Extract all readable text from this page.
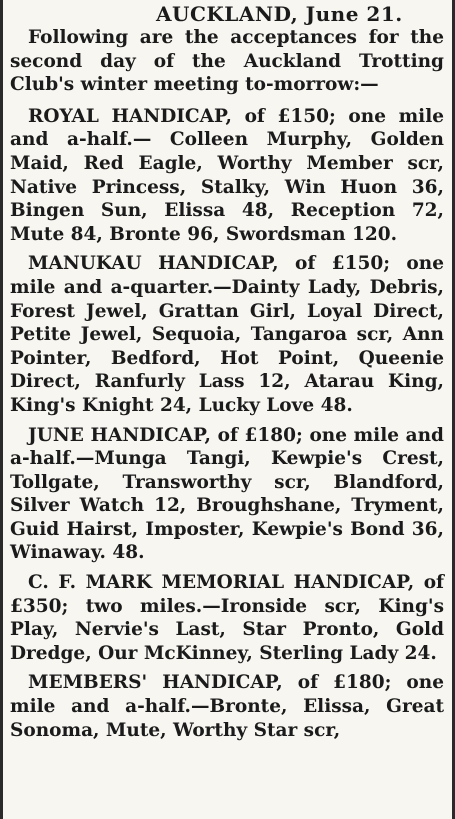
AUCKLAND, June 21.

Following are the acceptances for the second day of the Auckland Trotting Club's winter meeting to-morrow:—

ROYAL HANDICAP, of £150; one mile and a-half.— Colleen Murphy, Golden Maid, Red Eagle, Worthy Member scr, Native Princess, Stalky, Win Huon 36, Bingen Sun, Elissa 48, Reception 72, Mute 84, Bronte 96, Swordsman 120.

MANUKAU HANDICAP, of £150; one mile and a-quarter.—Dainty Lady, Debris, Forest Jewel, Grattan Girl, Loyal Direct, Petite Jewel, Sequoia, Tangaroa scr, Ann Pointer, Bedford, Hot Point, Queenie Direct, Ranfurly Lass 12, Atarau King, King's Knight 24, Lucky Love 48.

JUNE HANDICAP, of £180; one mile and a-half.—Munga Tangi, Kewpie's Crest, Tollgate, Transworthy scr, Blandford, Silver Watch 12, Broughshane, Tryment, Guid Hairst, Imposter, Kewpie's Bond 36, Winaway. 48.

C. F. MARK MEMORIAL HANDICAP, of £350; two miles.—Ironside scr, King's Play, Nervie's Last, Star Pronto, Gold Dredge, Our McKinney, Sterling Lady 24.

MEMBERS' HANDICAP, of £180; one mile and a-half.—Bronte, Elissa, Great Sonoma, Mute, Worthy Star scr,
